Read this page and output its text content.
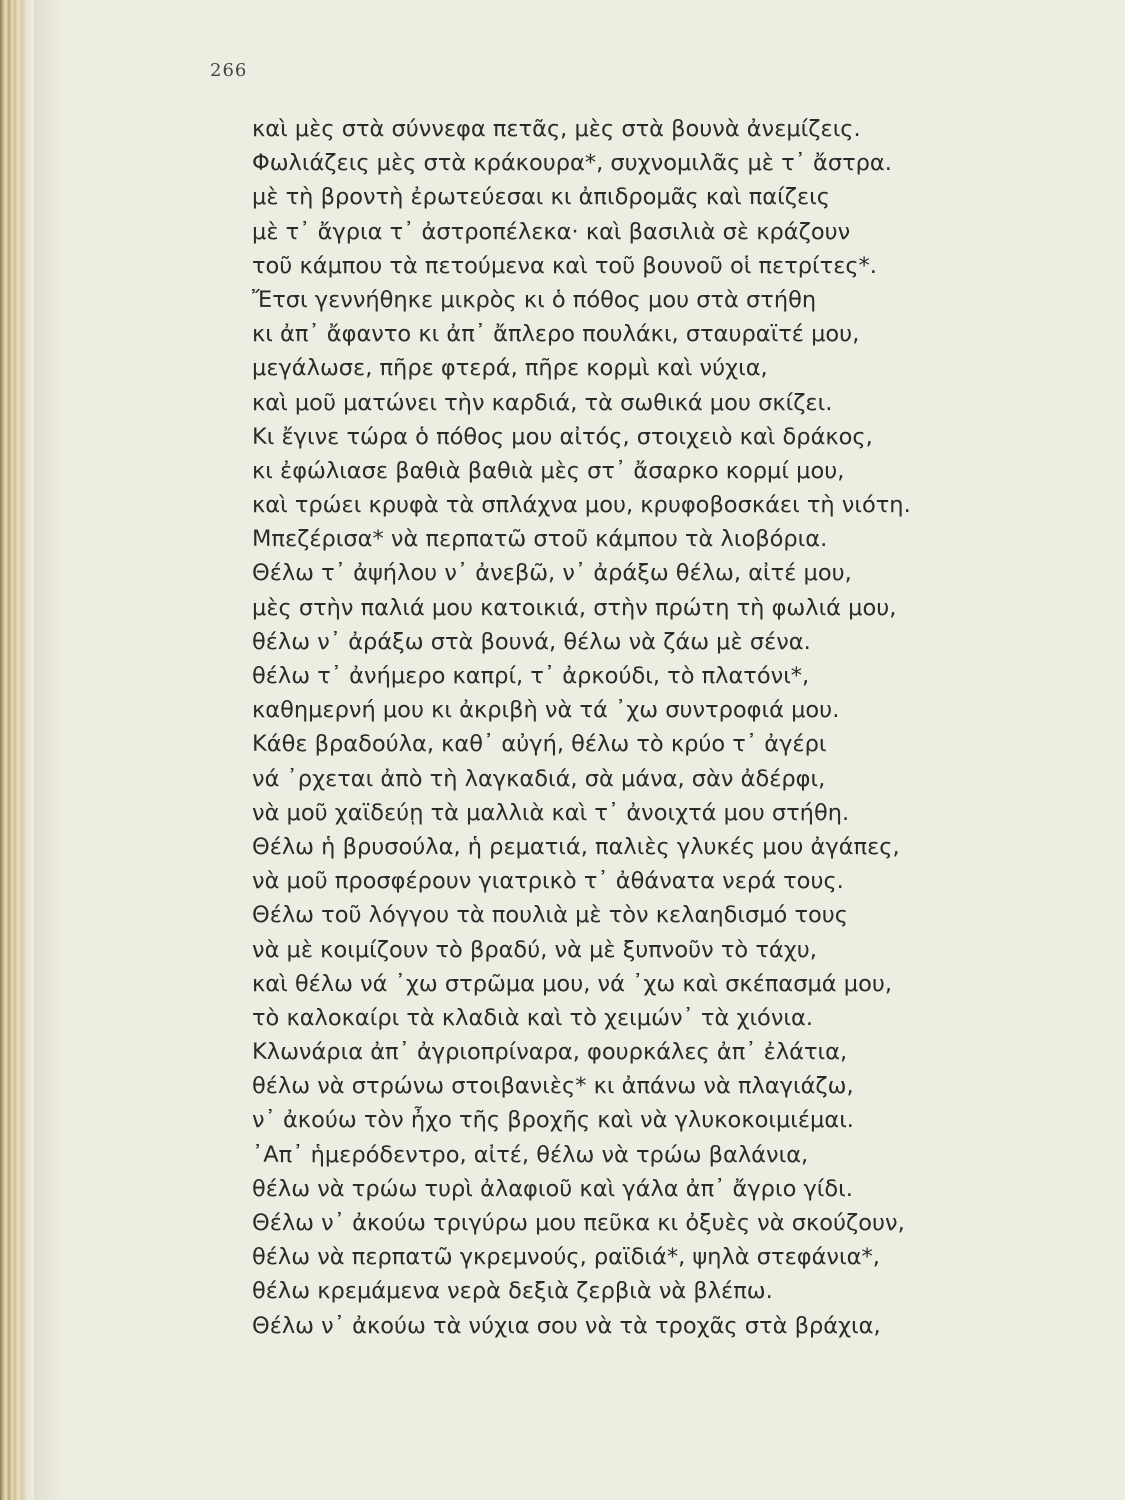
266
καὶ μὲς στὰ σύννεφα πετᾶς, μὲς στὰ βουνὰ ἀνεμίζεις.
Φωλιάζεις μὲς στὰ κράκουρα*, συχνομιλᾶς μὲ τ᾿ ἄστρα.
μὲ τὴ βροντὴ ἐρωτεύεσαι κι ἀπιδρομᾶς καὶ παίζεις
μὲ τ᾿ ἄγρια τ᾿ ἀστροπέλεκα· καὶ βασιλιὰ σὲ κράζουν
τοῦ κάμπου τὰ πετούμενα καὶ τοῦ βουνοῦ οἱ πετρίτες*.
Ἔτσι γεννήθηκε μικρὸς κι ὁ πόθος μου στὰ στήθη
κι ἀπ᾿ ἄφαντο κι ἀπ᾿ ἄπλερο πουλάκι, σταυραϊτέ μου,
μεγάλωσε, πῆρε φτερά, πῆρε κορμὶ καὶ νύχια,
καὶ μοῦ ματώνει τὴν καρδιά, τὰ σωθικά μου σκίζει.
Κι ἔγινε τώρα ὁ πόθος μου αἰτός, στοιχειὸ καὶ δράκος,
κι ἐφώλιασε βαθιὰ βαθιὰ μὲς στ᾿ ἄσαρκο κορμί μου,
καὶ τρώει κρυφὰ τὰ σπλάχνα μου, κρυφοβοσκάει τὴ νιότη.
Μπεζέρισα* νὰ περπατῶ στοῦ κάμπου τὰ λιοβόρια.
Θέλω τ᾿ ἀψήλου ν᾿ ἀνεβῶ, ν᾿ ἀράξω θέλω, αἰτέ μου,
μὲς στὴν παλιά μου κατοικιά, στὴν πρώτη τὴ φωλιά μου,
θέλω ν᾿ ἀράξω στὰ βουνά, θέλω νὰ ζάω μὲ σένα.
θέλω τ᾿ ἀνήμερο καπρί, τ᾿ ἀρκούδι, τὸ πλατόνι*,
καθημερνή μου κι ἀκριβὴ νὰ τά ᾿χω συντροφιά μου.
Κάθε βραδούλα, καθ᾿ αὐγή, θέλω τὸ κρύο τ᾿ ἀγέρι
νά ᾿ρχεται ἀπὸ τὴ λαγκαδιά, σὰ μάνα, σὰν ἀδέρφι,
νὰ μοῦ χαϊδεύῃ τὰ μαλλιὰ καὶ τ᾿ ἀνοιχτά μου στήθη.
Θέλω ἡ βρυσούλα, ἡ ρεματιά, παλιὲς γλυκές μου ἀγάπες,
νὰ μοῦ προσφέρουν γιατρικὸ τ᾿ ἀθάνατα νερά τους.
Θέλω τοῦ λόγγου τὰ πουλιὰ μὲ τὸν κελαηδισμό τους
νὰ μὲ κοιμίζουν τὸ βραδύ, νὰ μὲ ξυπνοῦν τὸ τάχυ,
καὶ θέλω νά ᾿χω στρῶμα μου, νά ᾿χω καὶ σκέπασμά μου,
τὸ καλοκαίρι τὰ κλαδιὰ καὶ τὸ χειμών᾿ τὰ χιόνια.
Κλωνάρια ἀπ᾿ ἀγριοπρίναρα, φουρκάλες ἀπ᾿ ἐλάτια,
θέλω νὰ στρώνω στοιβανιὲς* κι ἀπάνω νὰ πλαγιάζω,
ν᾿ ἀκούω τὸν ἦχο τῆς βροχῆς καὶ νὰ γλυκοκοιμιέμαι.
᾿Απ᾿ ἡμερόδεντρο, αἰτέ, θέλω νὰ τρώω βαλάνια,
θέλω νὰ τρώω τυρὶ ἀλαφιοῦ καὶ γάλα ἀπ᾿ ἄγριο γίδι.
Θέλω ν᾿ ἀκούω τριγύρω μου πεῦκα κι ὀξυὲς νὰ σκούζουν,
θέλω νὰ περπατῶ γκρεμνούς, ραϊδιά*, ψηλὰ στεφάνια*,
θέλω κρεμάμενα νερὰ δεξιὰ ζερβιὰ νὰ βλέπω.
Θέλω ν᾿ ἀκούω τὰ νύχια σου νὰ τὰ τροχᾶς στὰ βράχια,
